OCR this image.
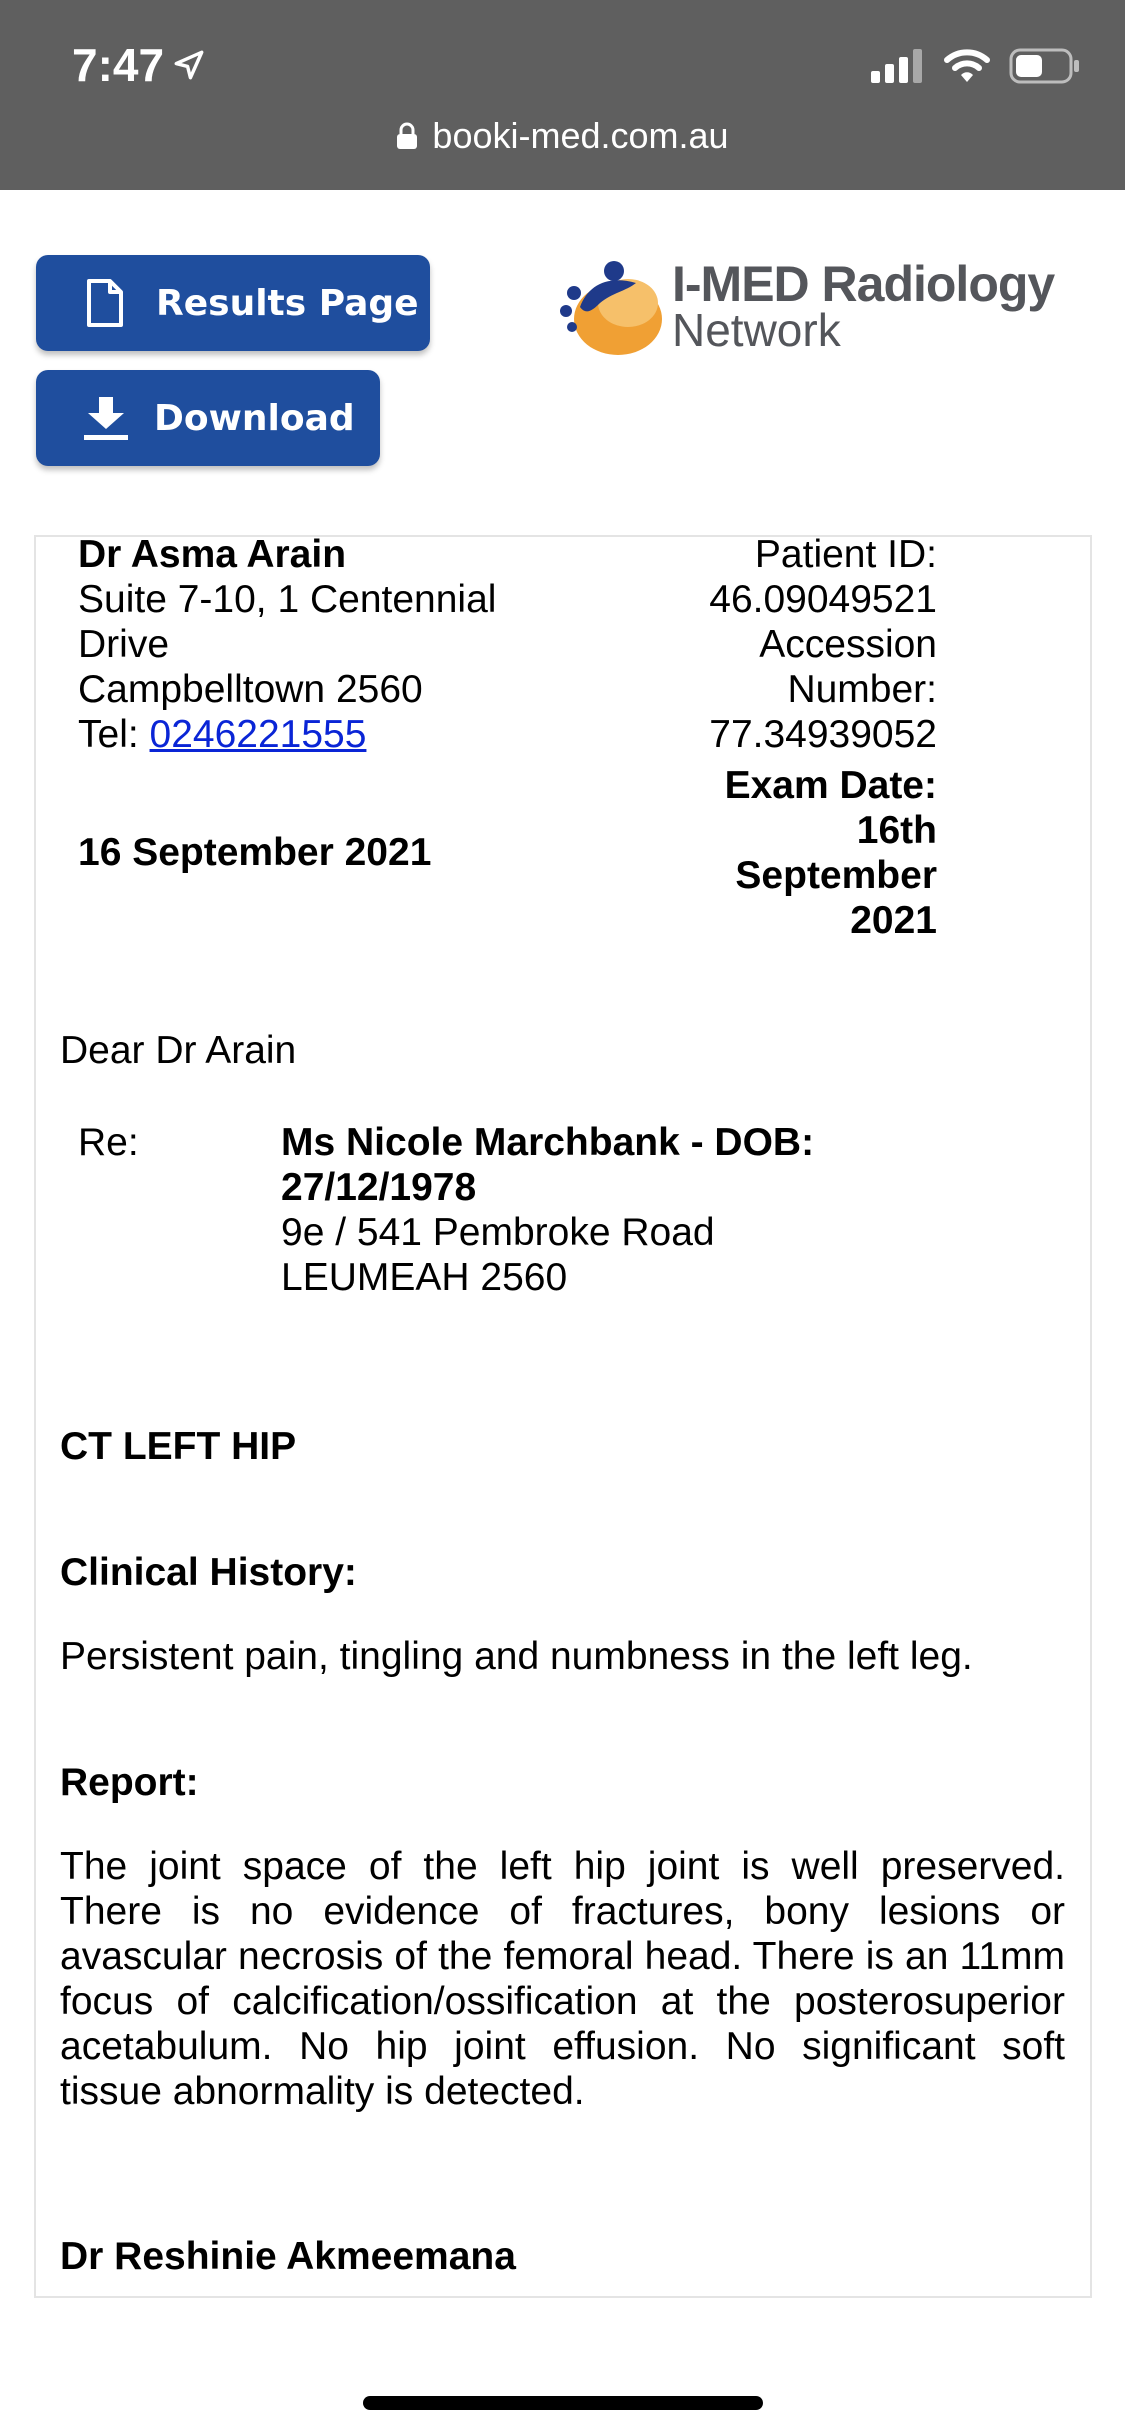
7:47
booki-med.com.au
Results Page
Download
I-MED Radiology
Network
Dr Asma Arain
Suite 7-10, 1 Centennial
Drive
Campbelltown 2560
Tel: 0246221555
Patient ID:
46.09049521
Accession
Number:
77.34939052
Exam Date:
16th
September
2021
16 September 2021
Dear Dr Arain
Re:	Ms Nicole Marchbank - DOB:
27/12/1978
9e / 541 Pembroke Road
LEUMEAH 2560
CT LEFT HIP
Clinical History:
Persistent pain, tingling and numbness in the left leg.
Report:
The joint space of the left hip joint is well preserved. There is no evidence of fractures, bony lesions or avascular necrosis of the femoral head. There is an 11mm focus of calcification/ossification at the posterosuperior acetabulum. No hip joint effusion. No significant soft tissue abnormality is detected.
Dr Reshinie Akmeemana
